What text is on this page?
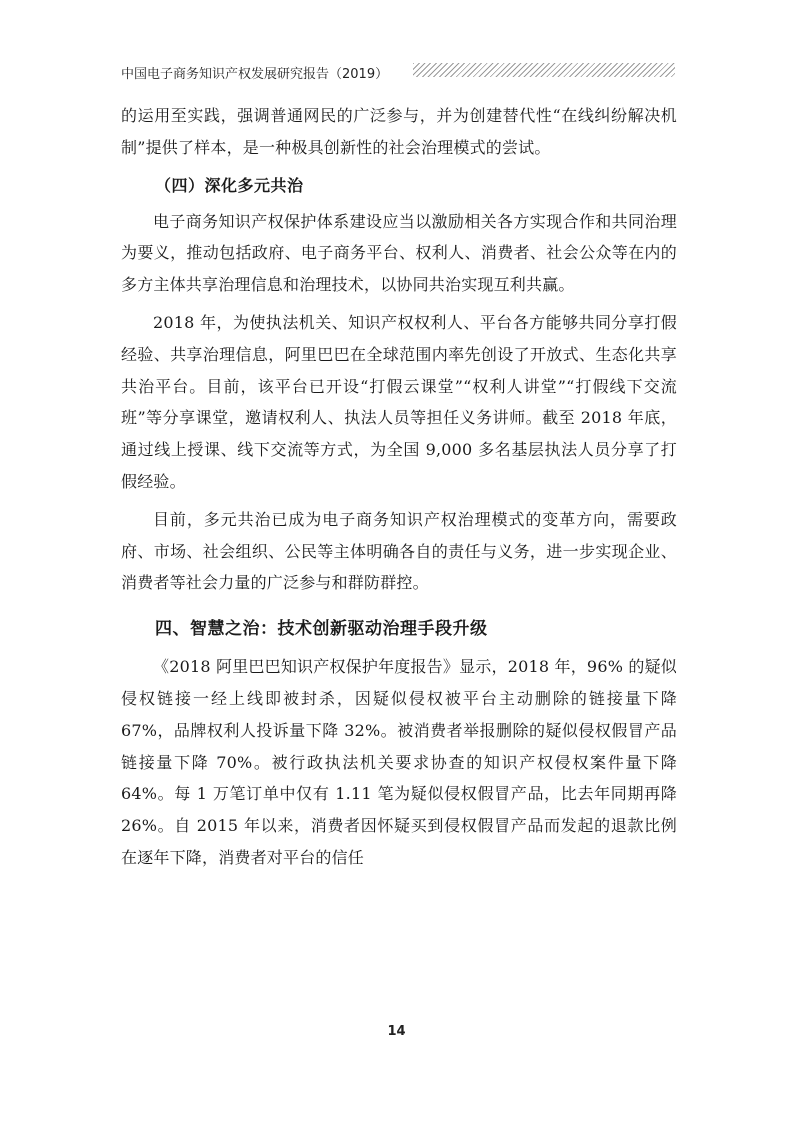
中国电子商务知识产权发展研究报告（2019）

的运用至实践，强调普通网民的广泛参与，并为创建替代性“在线纠纷解决机制”提供了样本，是一种极具创新性的社会治理模式的尝试。

（四）深化多元共治

电子商务知识产权保护体系建设应当以激励相关各方实现合作和共同治理为要义，推动包括政府、电子商务平台、权利人、消费者、社会公众等在内的多方主体共享治理信息和治理技术，以协同共治实现互利共赢。

2018 年，为使执法机关、知识产权权利人、平台各方能够共同分享打假经验、共享治理信息，阿里巴巴在全球范围内率先创设了开放式、生态化共享共治平台。目前，该平台已开设“打假云课堂”“权利人讲堂”“打假线下交流班”等分享课堂，邀请权利人、执法人员等担任义务讲师。截至 2018 年底，通过线上授课、线下交流等方式，为全国 9,000 多名基层执法人员分享了打假经验。

目前，多元共治已成为电子商务知识产权治理模式的变革方向，需要政府、市场、社会组织、公民等主体明确各自的责任与义务，进一步实现企业、消费者等社会力量的广泛参与和群防群控。

四、智慧之治：技术创新驱动治理手段升级

《2018 阿里巴巴知识产权保护年度报告》显示，2018 年，96% 的疑似侵权链接一经上线即被封杀，因疑似侵权被平台主动删除的链接量下降 67%，品牌权利人投诉量下降 32%。被消费者举报删除的疑似侵权假冒产品链接量下降 70%。被行政执法机关要求协查的知识产权侵权案件量下降 64%。每 1 万笔订单中仅有 1.11 笔为疑似侵权假冒产品，比去年同期再降 26%。自 2015 年以来，消费者因怀疑买到侵权假冒产品而发起的退款比例在逐年下降，消费者对平台的信任

14
